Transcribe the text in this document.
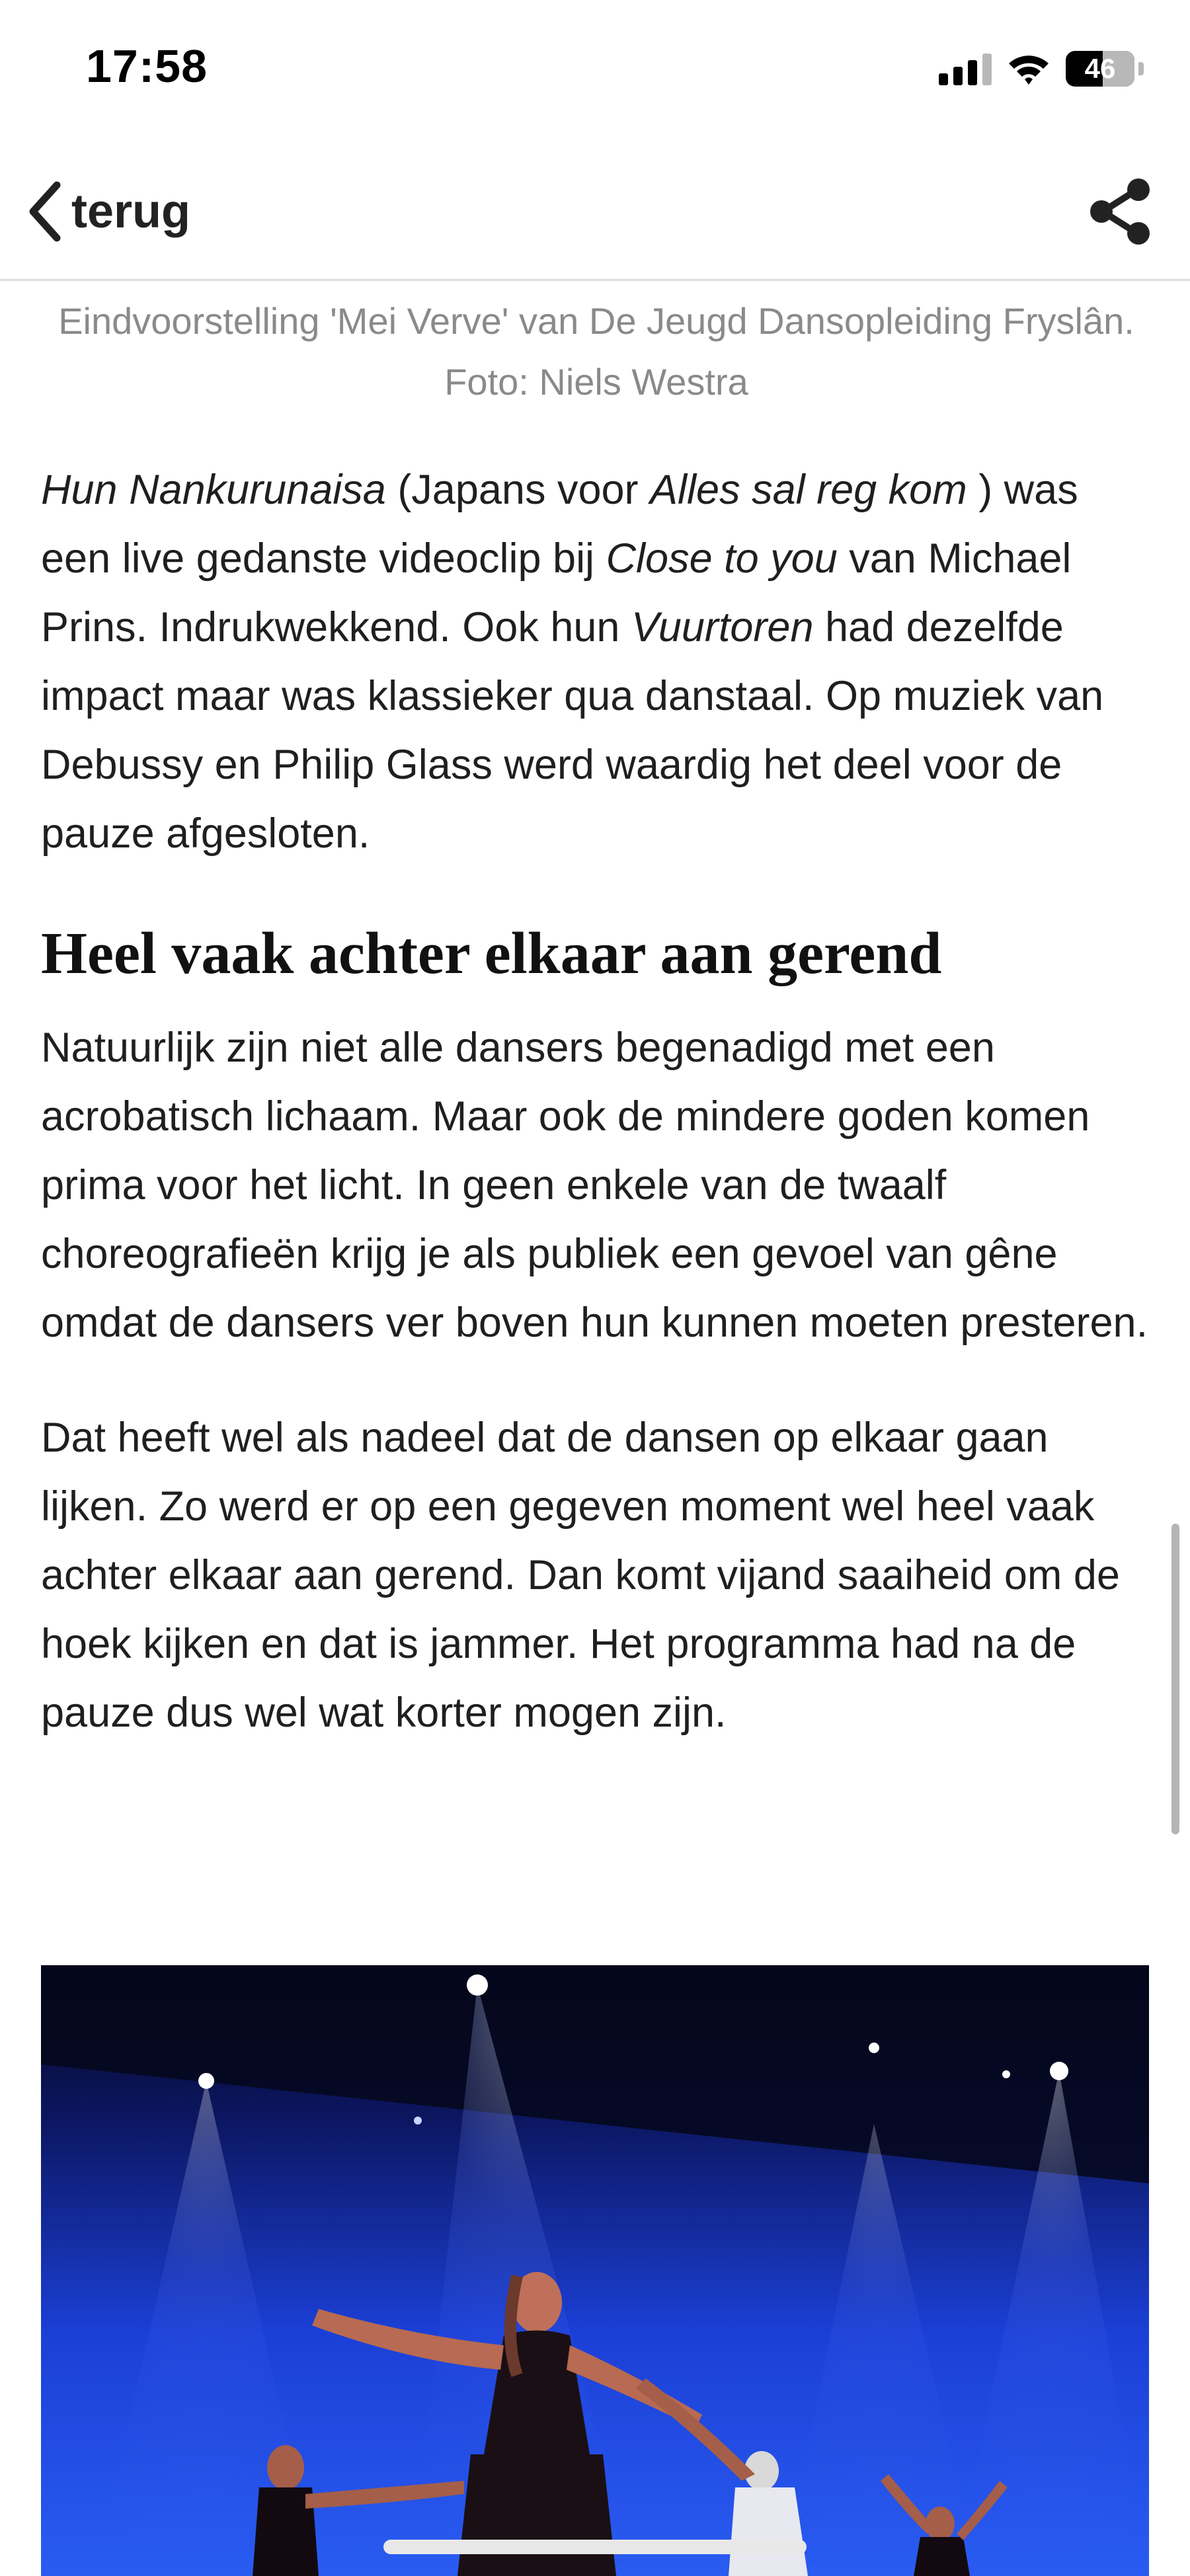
17:58	46
terug

Eindvoorstelling 'Mei Verve' van De Jeugd Dansopleiding Fryslân. Foto: Niels Westra

Hun Nankurunaisa (Japans voor Alles sal reg kom ) was een live gedanste videoclip bij Close to you van Michael Prins. Indrukwekkend. Ook hun Vuurtoren had dezelfde impact maar was klassieker qua danstaal. Op muziek van Debussy en Philip Glass werd waardig het deel voor de pauze afgesloten.

Heel vaak achter elkaar aan gerend

Natuurlijk zijn niet alle dansers begenadigd met een acrobatisch lichaam. Maar ook de mindere goden komen prima voor het licht. In geen enkele van de twaalf choreografieën krijg je als publiek een gevoel van gêne omdat de dansers ver boven hun kunnen moeten presteren.

Dat heeft wel als nadeel dat de dansen op elkaar gaan lijken. Zo werd er op een gegeven moment wel heel vaak achter elkaar aan gerend. Dan komt vijand saaiheid om de hoek kijken en dat is jammer. Het programma had na de pauze dus wel wat korter mogen zijn.
